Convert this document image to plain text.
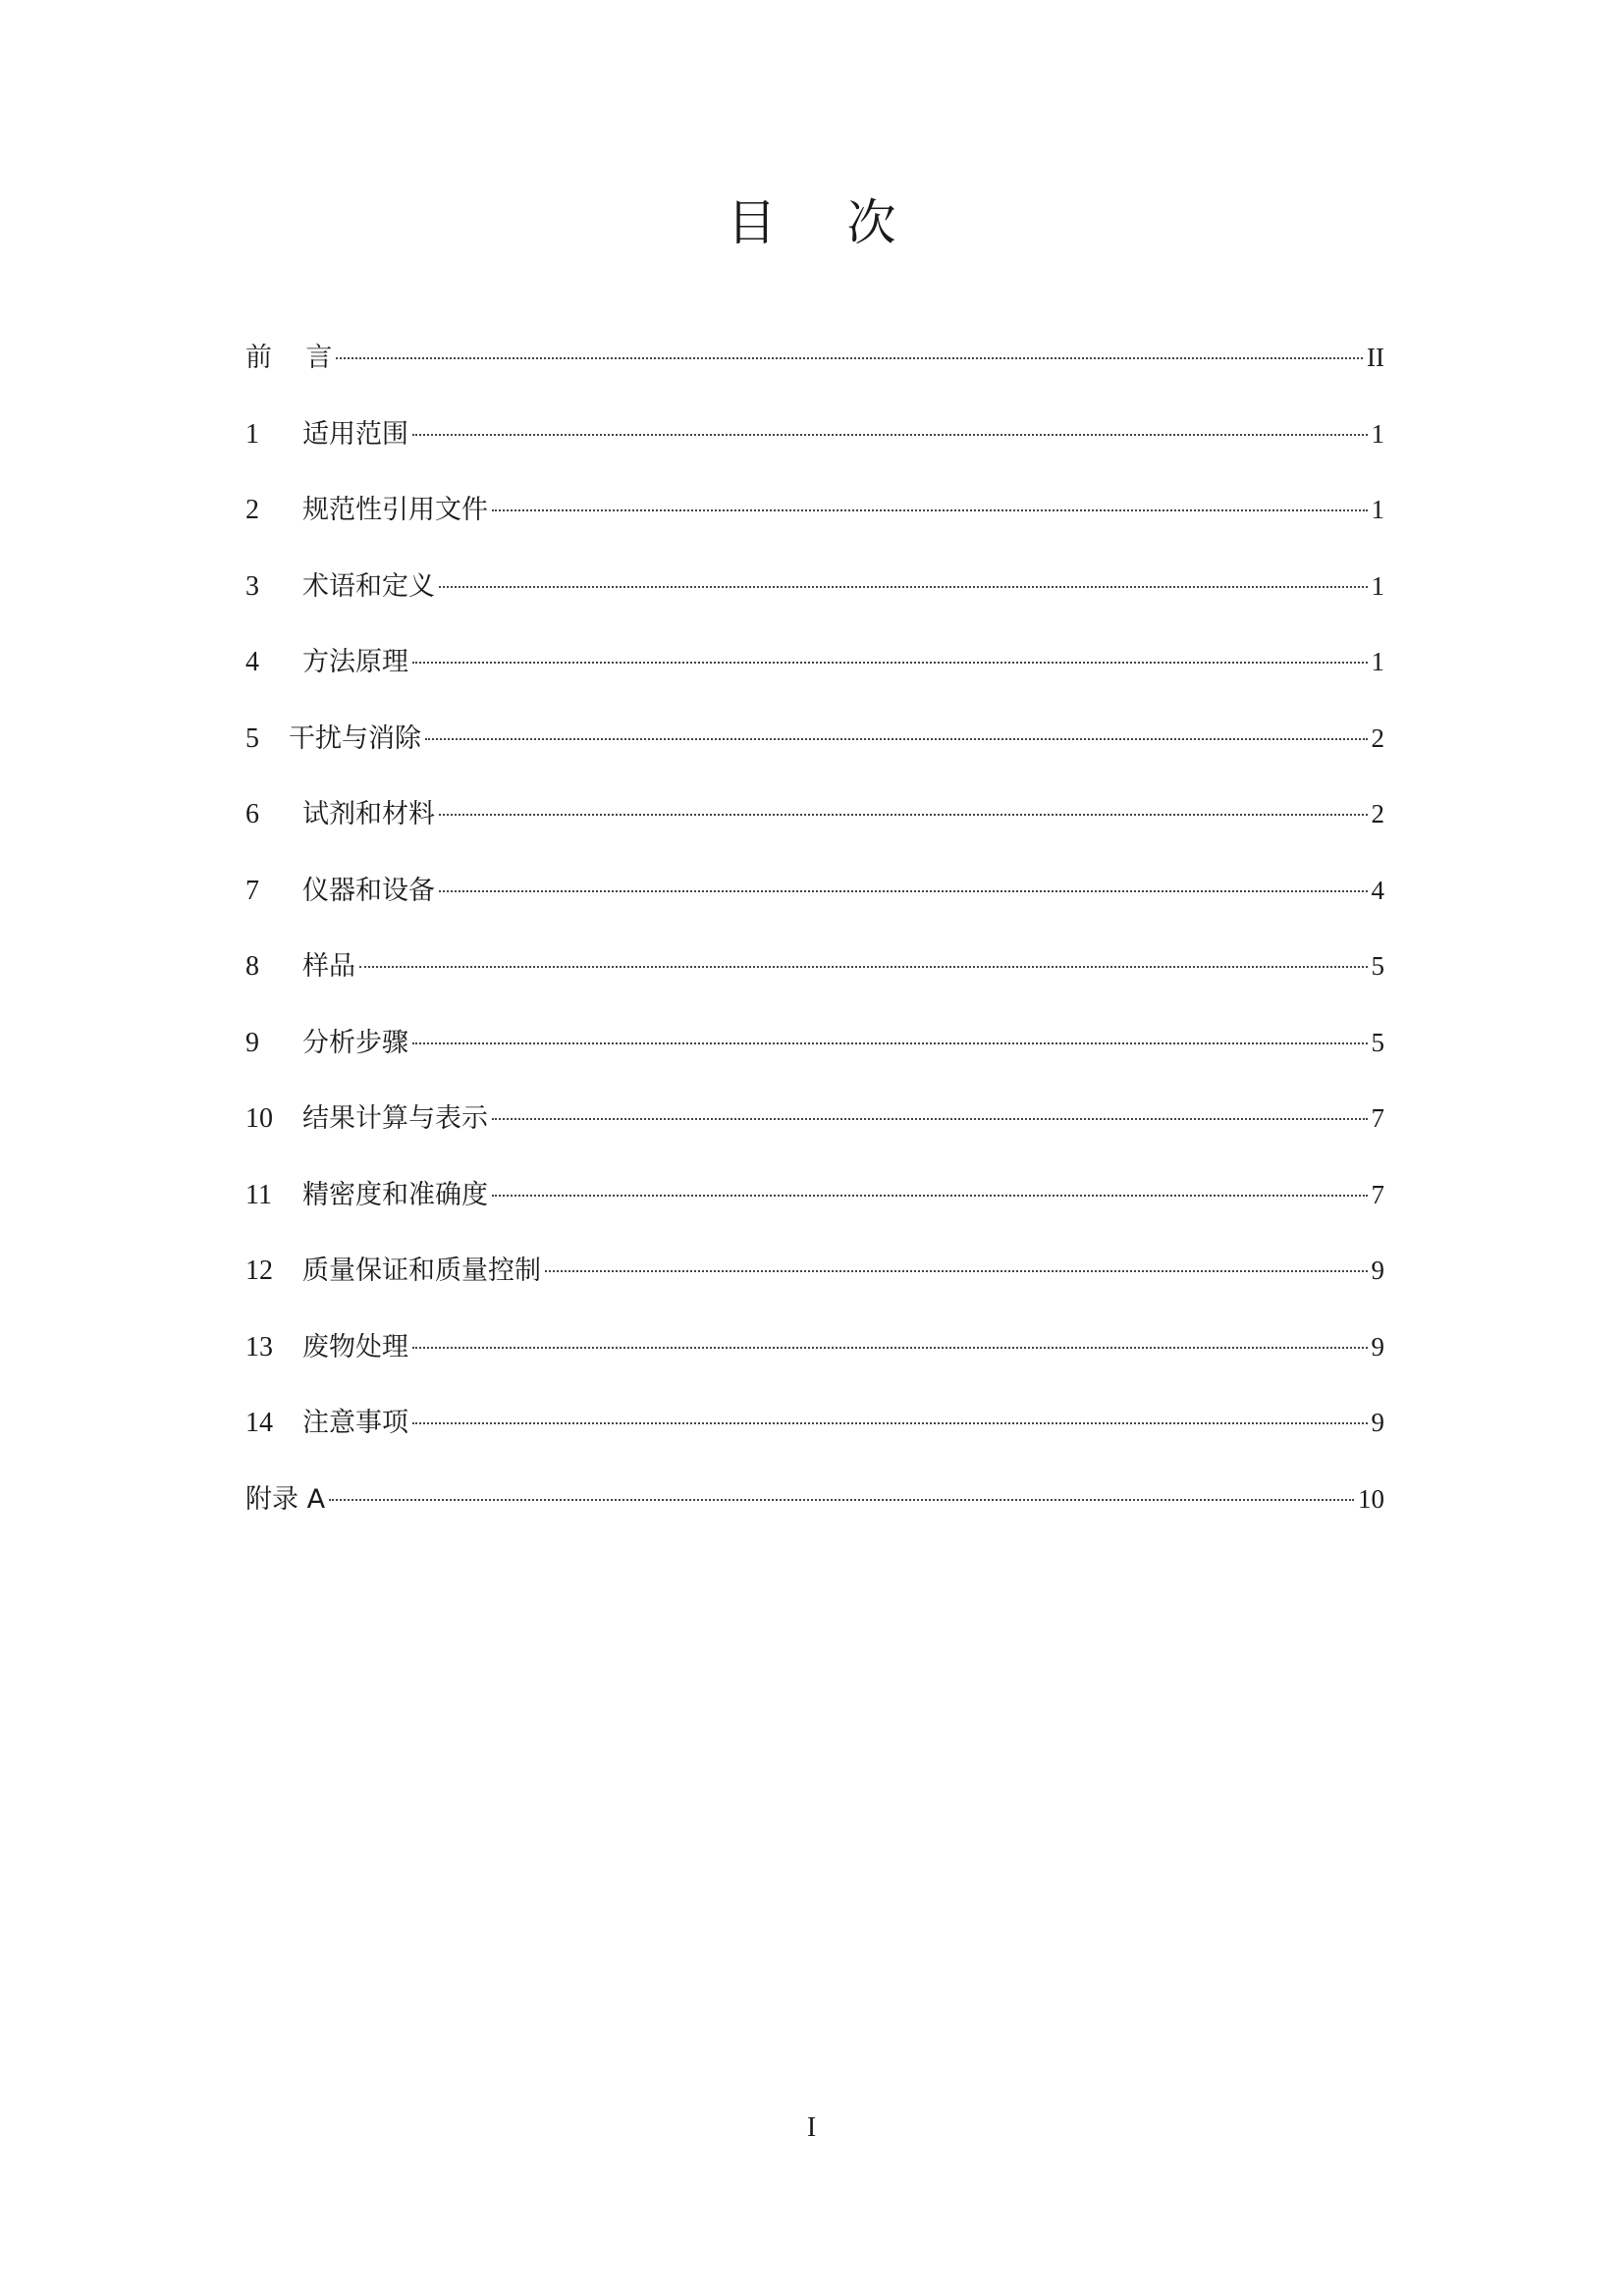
目 次
前    言	II
1	适用范围	1
2	规范性引用文件	1
3	术语和定义	1
4	方法原理	1
5	干扰与消除	2
6	试剂和材料	2
7	仪器和设备	4
8	样品	5
9	分析步骤	5
10	结果计算与表示	7
11	精密度和准确度	7
12	质量保证和质量控制	9
13	废物处理	9
14	注意事项	9
附录 A	10
I
